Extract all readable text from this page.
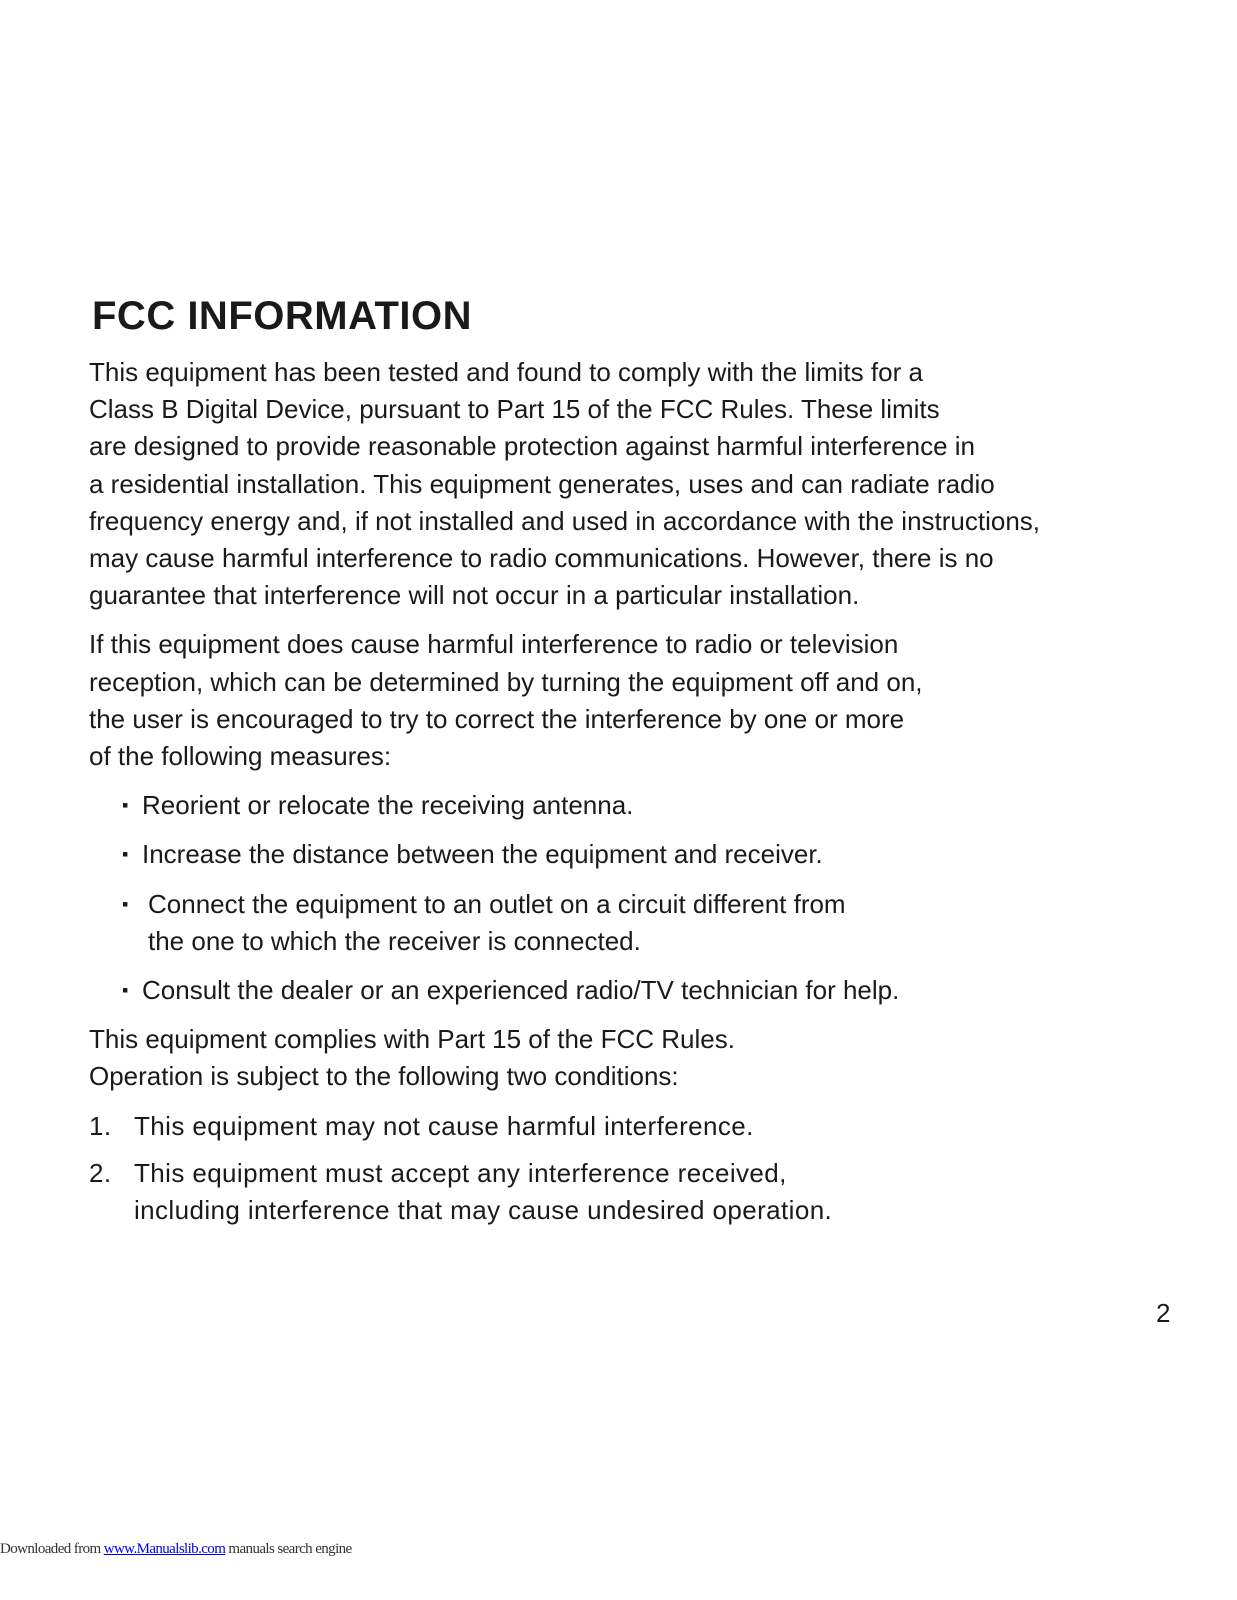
FCC INFORMATION

This equipment has been tested and found to comply with the limits for a
Class B Digital Device, pursuant to Part 15 of the FCC Rules. These limits
are designed to provide reasonable protection against harmful interference in
a residential installation. This equipment generates, uses and can radiate radio
frequency energy and, if not installed and used in accordance with the instructions,
may cause harmful interference to radio communications. However, there is no
guarantee that interference will not occur in a particular installation.

If this equipment does cause harmful interference to radio or television
reception, which can be determined by turning the equipment off and on,
the user is encouraged to try to correct the interference by one or more
of the following measures:

▪ Reorient or relocate the receiving antenna.
▪ Increase the distance between the equipment and receiver.
▪ Connect the equipment to an outlet on a circuit different from
the one to which the receiver is connected.
▪ Consult the dealer or an experienced radio/TV technician for help.

This equipment complies with Part 15 of the FCC Rules.
Operation is subject to the following two conditions:

1. This equipment may not cause harmful interference.
2. This equipment must accept any interference received,
including interference that may cause undesired operation.
2
Downloaded from www.Manualslib.com manuals search engine
